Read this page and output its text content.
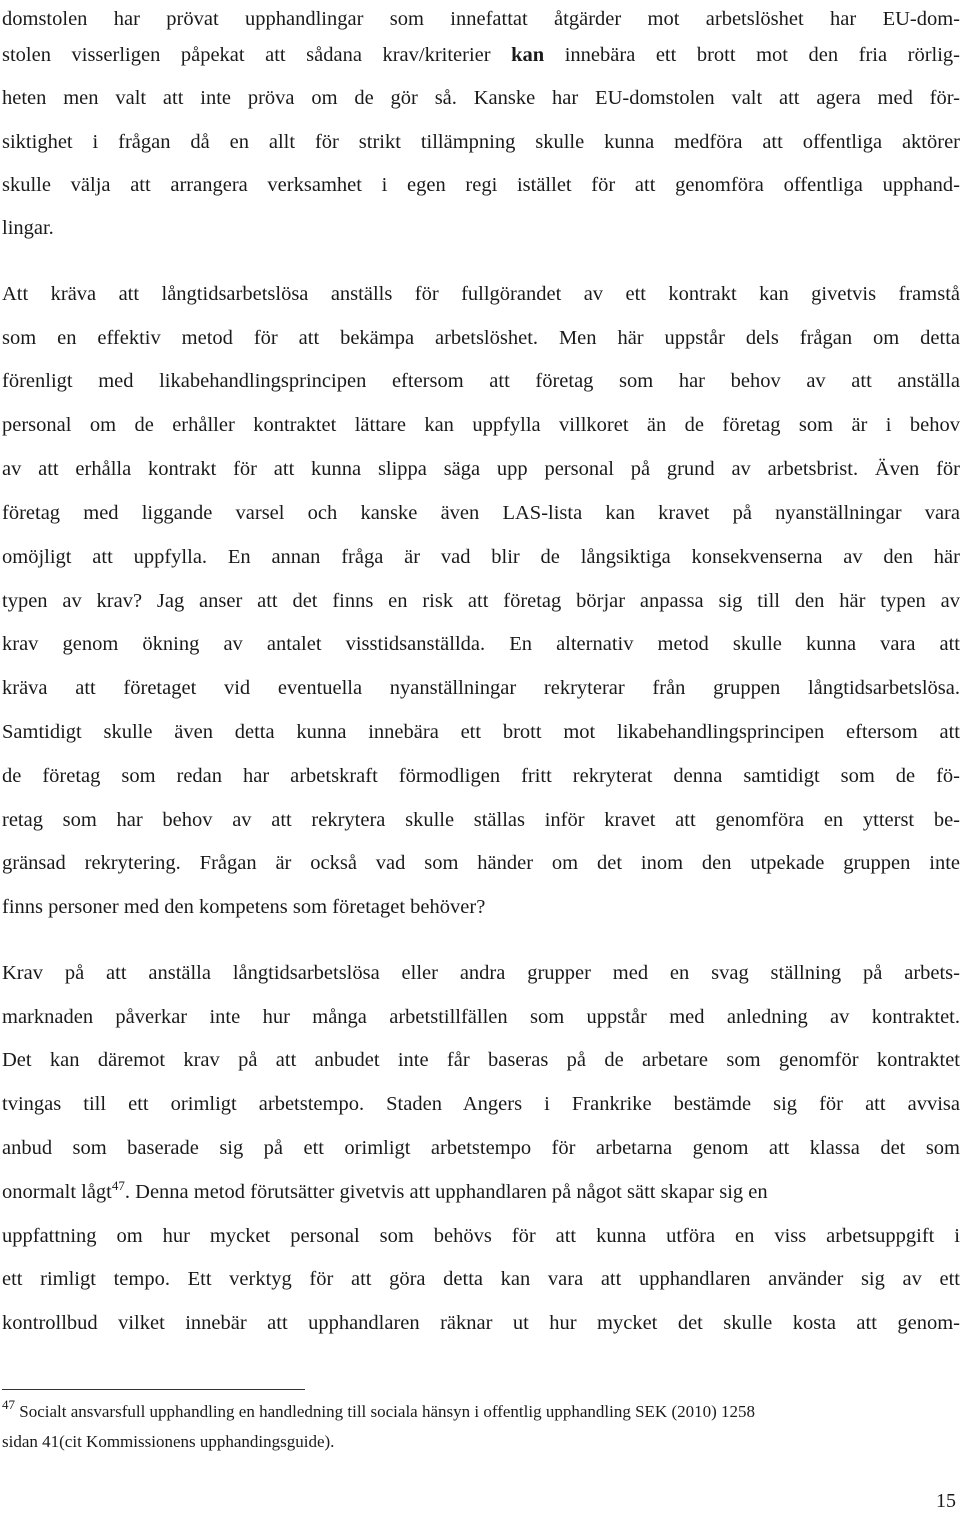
domstolen har prövat upphandlingar som innefattat åtgärder mot arbetslöshet har EU-dom-
stolen visserligen påpekat att sådana krav/kriterier kan innebära ett brott mot den fria rörlig-
heten men valt att inte pröva om de gör så. Kanske har EU-domstolen valt att agera med för-
siktighet i frågan då en allt för strikt tillämpning skulle kunna medföra att offentliga aktörer
skulle välja att arrangera verksamhet i egen regi istället för att genomföra offentliga upphand-
lingar.
Att kräva att långtidsarbetslösa anställs för fullgörandet av ett kontrakt kan givetvis framstå
som en effektiv metod för att bekämpa arbetslöshet. Men här uppstår dels frågan om detta
förenligt med likabehandlingsprincipen eftersom att företag som har behov av att anställa
personal om de erhåller kontraktet lättare kan uppfylla villkoret än de företag som är i behov
av att erhålla kontrakt för att kunna slippa säga upp personal på grund av arbetsbrist. Även för
företag med liggande varsel och kanske även LAS-lista kan kravet på nyanställningar vara
omöjligt att uppfylla. En annan fråga är vad blir de långsiktiga konsekvenserna av den här
typen av krav? Jag anser att det finns en risk att företag börjar anpassa sig till den här typen av
krav genom ökning av antalet visstidsanställda. En alternativ metod skulle kunna vara att
kräva att företaget vid eventuella nyanställningar rekryterar från gruppen långtidsarbetslösa.
Samtidigt skulle även detta kunna innebära ett brott mot likabehandlingsprincipen eftersom att
de företag som redan har arbetskraft förmodligen fritt rekryterat denna samtidigt som de fö-
retag som har behov av att rekrytera skulle ställas inför kravet att genomföra en ytterst be-
gränsad rekrytering. Frågan är också vad som händer om det inom den utpekade gruppen inte
finns personer med den kompetens som företaget behöver?
Krav på att anställa långtidsarbetslösa eller andra grupper med en svag ställning på arbets-
marknaden påverkar inte hur många arbetstillfällen som uppstår med anledning av kontraktet.
Det kan däremot krav på att anbudet inte får baseras på de arbetare som genomför kontraktet
tvingas till ett orimligt arbetstempo. Staden Angers i Frankrike bestämde sig för att avvisa
anbud som baserade sig på ett orimligt arbetstempo för arbetarna genom att klassa det som
onormalt lågt$^{47}$. Denna metod förutsätter givetvis att upphandlaren på något sätt skapar sig en
uppfattning om hur mycket personal som behövs för att kunna utföra en viss arbetsuppgift i
ett rimligt tempo. Ett verktyg för att göra detta kan vara att upphandlaren använder sig av ett
kontrollbud vilket innebär att upphandlaren räknar ut hur mycket det skulle kosta att genom-
$^{47}$ Socialt ansvarsfull upphandling en handledning till sociala hänsyn i offentlig upphandling SEK (2010) 1258
sidan 41(cit Kommissionens upphandingsguide).
15
